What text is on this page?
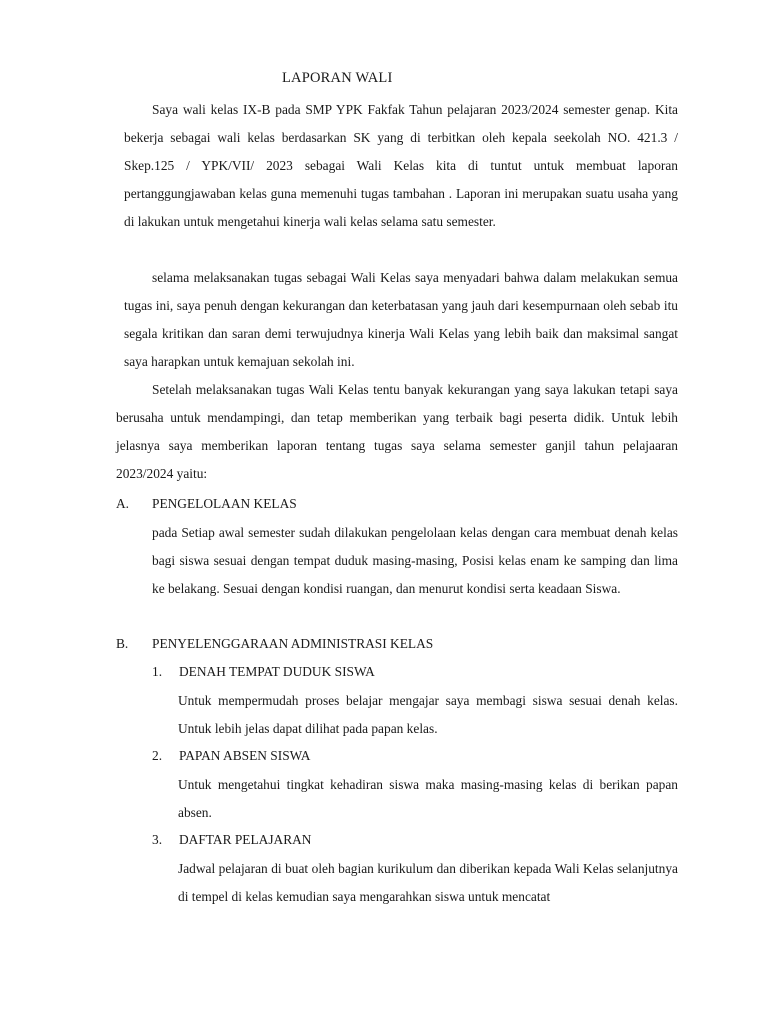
LAPORAN WALI

Saya wali kelas IX-B pada SMP YPK Fakfak Tahun pelajaran 2023/2024 semester genap. Kita bekerja sebagai wali kelas berdasarkan SK yang di terbitkan oleh kepala seekolah NO. 421.3 / Skep.125 / YPK/VII/ 2023 sebagai Wali Kelas kita di tuntut untuk membuat laporan pertanggungjawaban kelas guna memenuhi tugas tambahan . Laporan ini merupakan suatu usaha yang di lakukan untuk mengetahui kinerja wali kelas selama satu semester.

selama melaksanakan tugas sebagai Wali Kelas saya menyadari bahwa dalam melakukan semua tugas ini, saya penuh dengan kekurangan dan keterbatasan yang jauh dari kesempurnaan oleh sebab itu segala kritikan dan saran demi terwujudnya kinerja Wali Kelas yang lebih baik dan maksimal sangat saya harapkan untuk kemajuan sekolah ini.

Setelah melaksanakan tugas Wali Kelas tentu banyak kekurangan yang saya lakukan tetapi saya berusaha untuk mendampingi, dan tetap memberikan yang terbaik bagi peserta didik. Untuk lebih jelasnya saya memberikan laporan tentang tugas saya selama semester ganjil tahun pelajaaran 2023/2024 yaitu:

A. PENGELOLAAN KELAS

pada Setiap awal semester sudah dilakukan pengelolaan kelas dengan cara membuat denah kelas bagi siswa sesuai dengan tempat duduk masing-masing, Posisi kelas enam ke samping dan lima ke belakang. Sesuai dengan kondisi ruangan, dan menurut kondisi serta keadaan Siswa.

B. PENYELENGGARAAN ADMINISTRASI KELAS
1. DENAH TEMPAT DUDUK SISWA

Untuk mempermudah proses belajar mengajar saya membagi siswa sesuai denah kelas. Untuk lebih jelas dapat dilihat pada papan kelas.

2. PAPAN ABSEN SISWA

Untuk mengetahui tingkat kehadiran siswa maka masing-masing kelas di berikan papan absen.

3. DAFTAR PELAJARAN

Jadwal pelajaran di buat oleh bagian kurikulum dan diberikan kepada Wali Kelas selanjutnya di tempel di kelas kemudian saya mengarahkan siswa untuk mencatat
